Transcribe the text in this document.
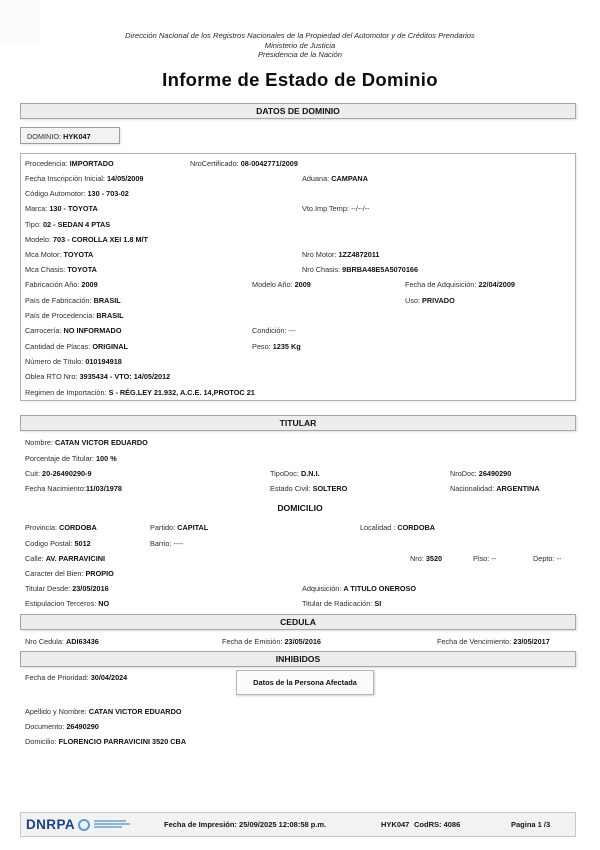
Dirección Nacional de los Registros Nacionales de la Propiedad del Automotor y de Créditos Prendarios
Ministerio de Justicia
Presidencia de la Nación
Informe de Estado de Dominio
DATOS DE DOMINIO
DOMINIO: HYK047
Procedencia: IMPORTADO	NroCertificado: 08-0042771/2009
Fecha Inscripción Inicial: 14/05/2009	Aduana: CAMPANA
Código Automotor: 130 - 703-02
Marca: 130 - TOYOTA	Vto.Imp Temp: --/--/--
Tipo: 02 - SEDAN 4 PTAS
Modelo: 703 - COROLLA XEI 1.8 M/T
Mca Motor: TOYOTA	Nro Motor: 1ZZ4872011
Mca Chasis: TOYOTA	Nro Chasis: 9BRBA48E5A5070166
Fabricación Año: 2009	Modelo Año: 2009	Fecha de Adquisición: 22/04/2009
País de Fabricación: BRASIL	Uso: PRIVADO
País de Procedencia: BRASIL
Carrocería: NO INFORMADO	Condición: ---
Cantidad de Placas: ORIGINAL	Peso: 1235 Kg
Número de Título: 010194918
Oblea RTO Nro: 3935434 - VTO: 14/05/2012
Regimen de Importación: S - RÉG.LEY 21.932, A.C.E. 14,PROTOC 21
TITULAR
Nombre: CATAN VICTOR EDUARDO
Porcentaje de Titular: 100 %
Cuit: 20-26490290-9	TipoDoc: D.N.I.	NroDoc: 26490290
Fecha Nacimiento:11/03/1978	Estado Civil: SOLTERO	Nacionalidad: ARGENTINA
DOMICILIO
Provincia: CORDOBA	Partido: CAPITAL	Localidad : CORDOBA
Codigo Postal: 5012	Barrio: ----
Calle: AV. PARRAVICINI	Nro: 3520	Piso: --	Depto: --
Caracter del Bien: PROPIO
Titular Desde: 23/05/2016	Adquisición: A TITULO ONEROSO
Estipulacion Terceros: NO	Titular de Radicación: SI
CEDULA
Nro Cedula: ADI63436	Fecha de Emisión: 23/05/2016	Fecha de Vencimiento: 23/05/2017
INHIBIDOS
Fecha de Prioridad: 30/04/2024
Datos de la Persona Afectada
Apellido y Nombre: CATAN VICTOR EDUARDO
Documento: 26490290
Domicilio: FLORENCIO PARRAVICINI 3520 CBA
DNRPA	Fecha de Impresión: 25/09/2025 12:08:58 p.m.	HYK047 CodRS: 4086	Pagina 1 /3
